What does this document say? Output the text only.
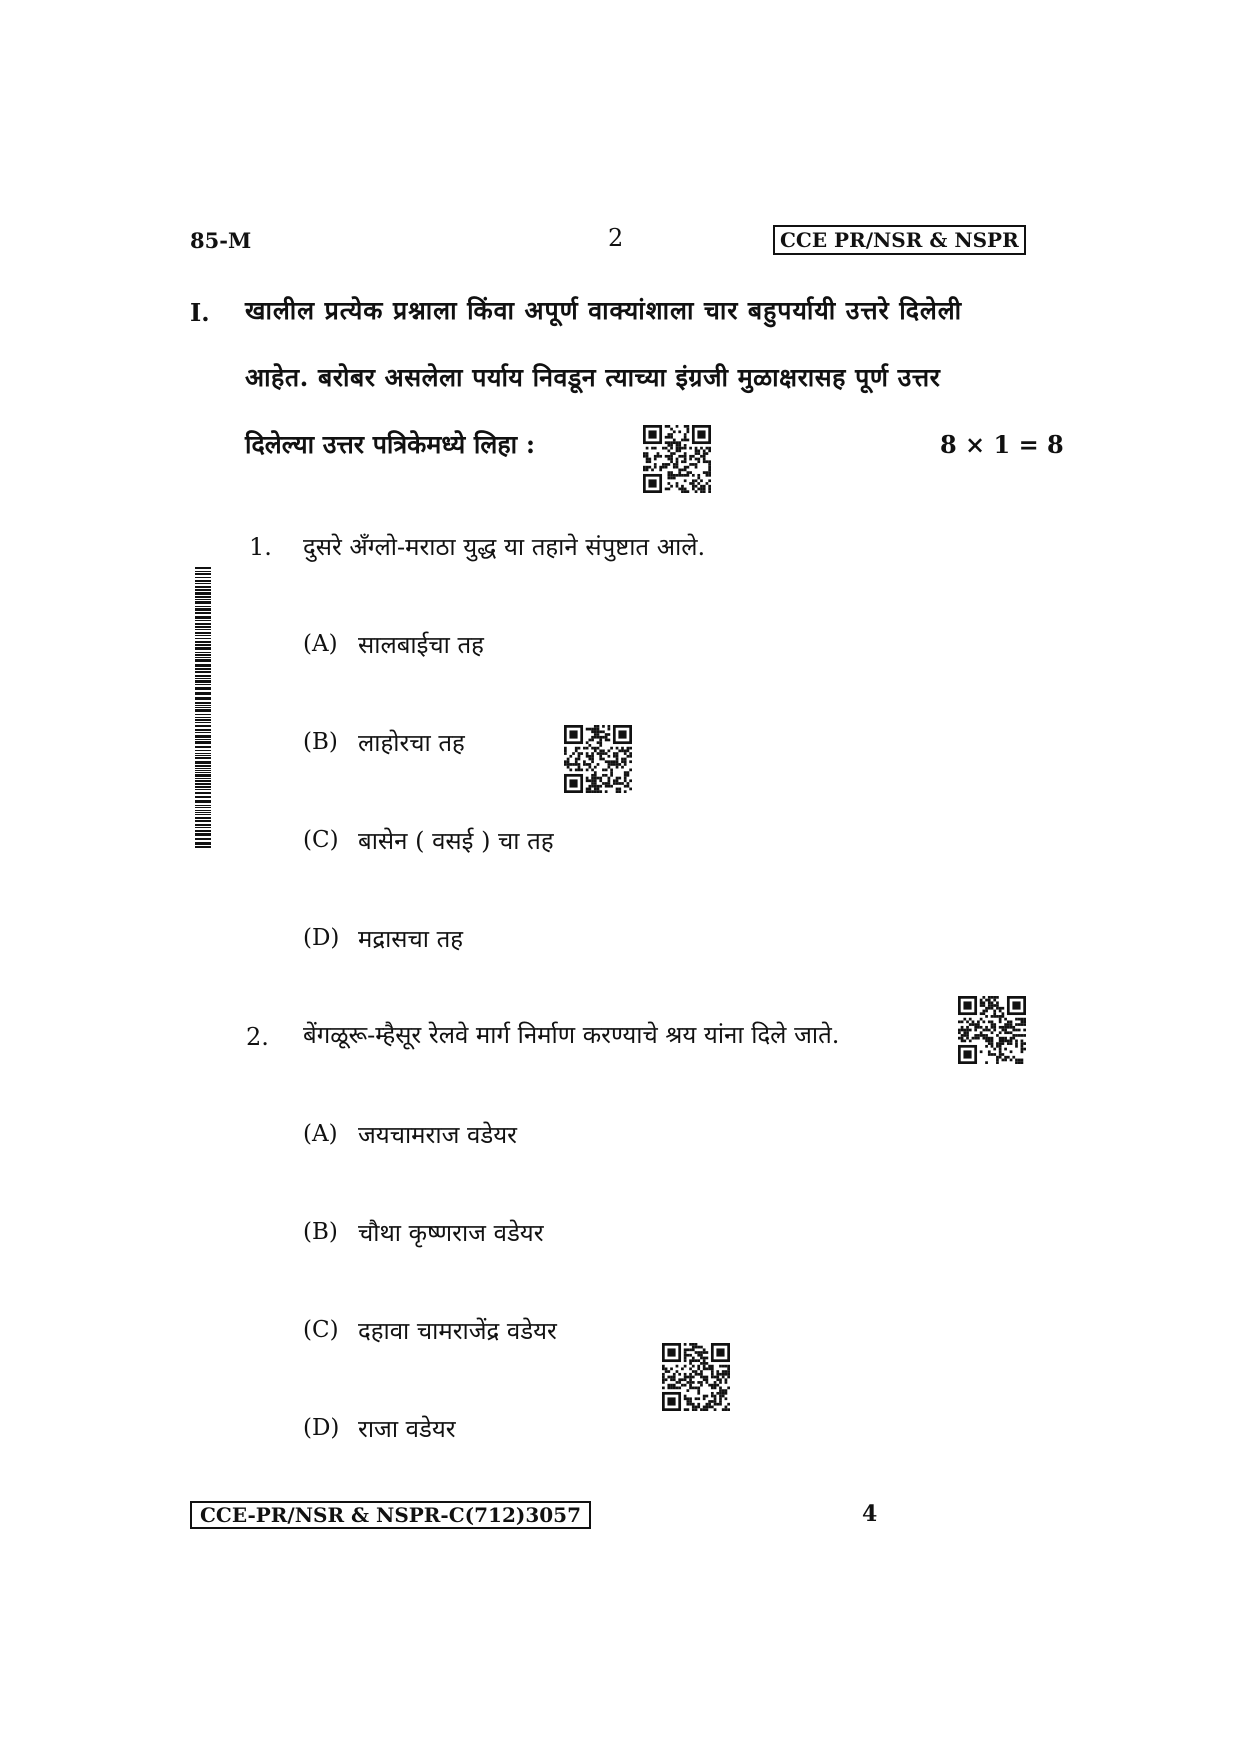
85-M	2	CCE PR/NSR & NSPR
I. खालील प्रत्येक प्रश्नाला किंवा अपूर्ण वाक्यांशाला चार बहुपर्यायी उत्तरे दिलेली
आहेत. बरोबर असलेला पर्याय निवडून त्याच्या इंग्रजी मुळाक्षरासह पूर्ण उत्तर
दिलेल्या उत्तर पत्रिकेमध्ये लिहा :	8 × 1 = 8
1. दुसरे अँग्लो-मराठा युद्ध या तहाने संपुष्टात आले.
(A) सालबाईचा तह
(B) लाहोरचा तह
(C) बासेन ( वसई ) चा तह
(D) मद्रासचा तह
2. बेंगळूरू-म्हैसूर रेलवे मार्ग निर्माण करण्याचे श्रय यांना दिले जाते.
(A) जयचामराज वडेयर
(B) चौथा कृष्णराज वडेयर
(C) दहावा चामराजेंद्र वडेयर
(D) राजा वडेयर
CCE-PR/NSR & NSPR-C(712)3057	4
